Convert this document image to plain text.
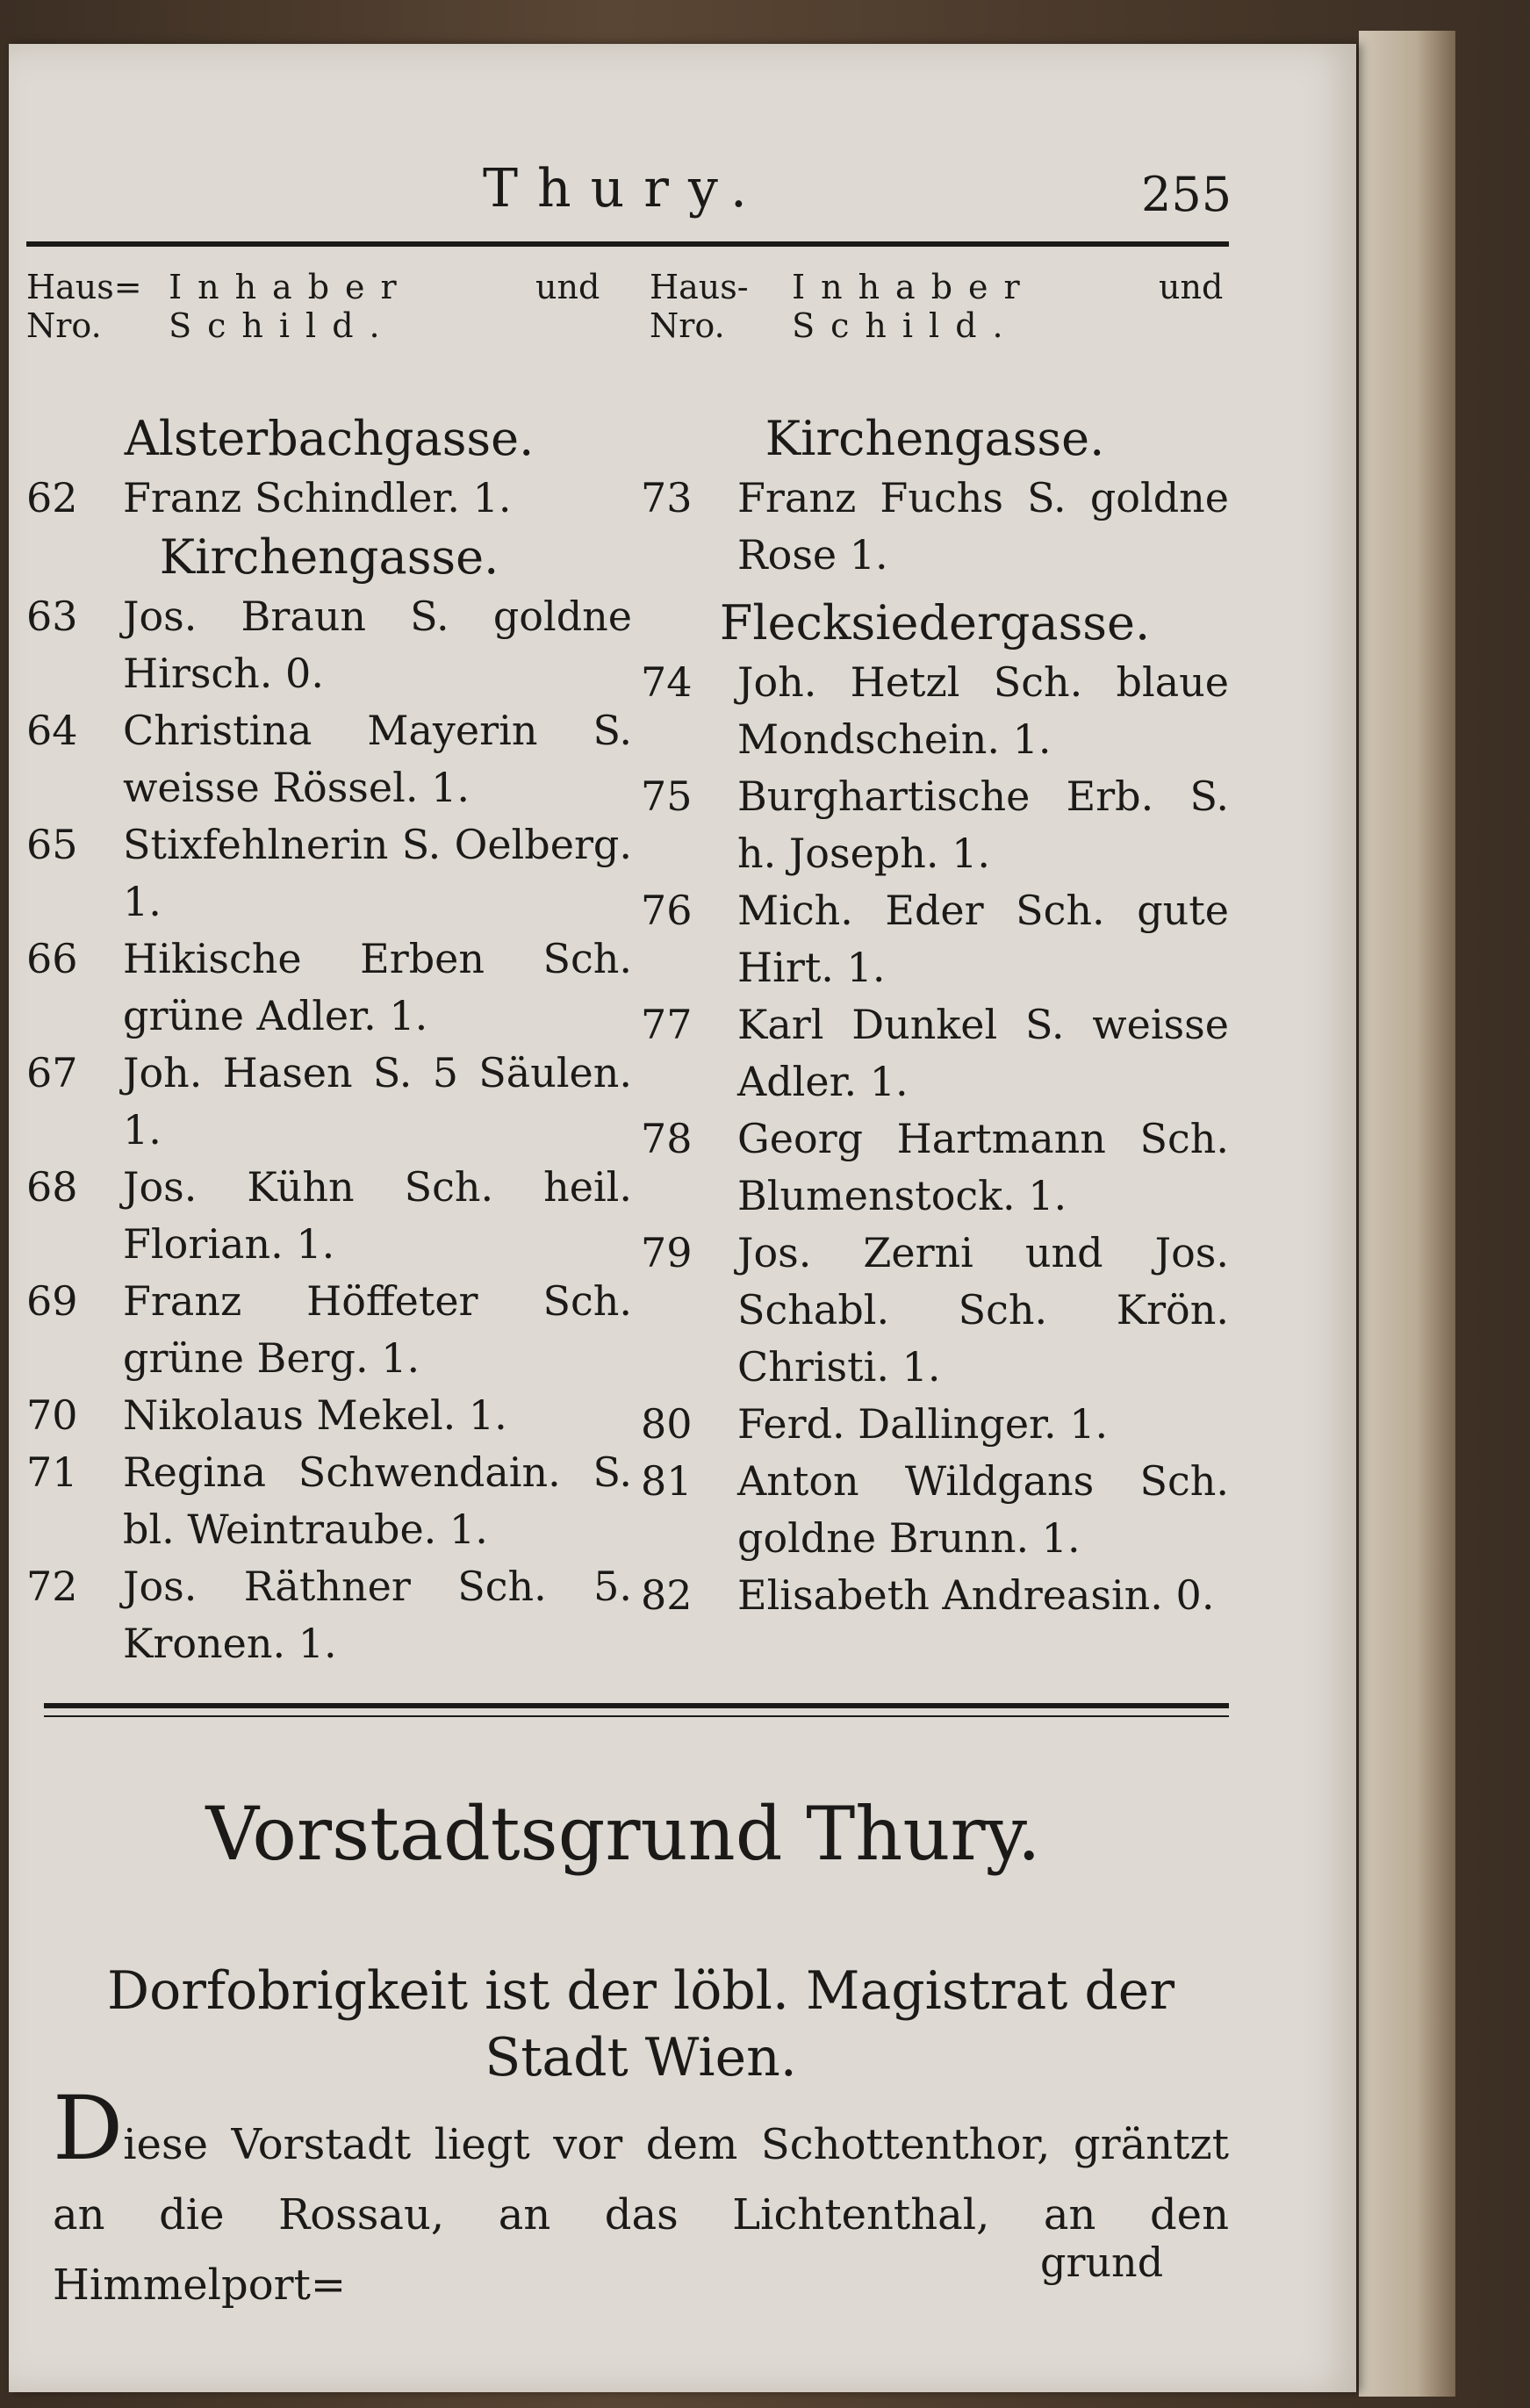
Thury.	255
Haus= Inhaber	und
Nro. Schild.
Haus- Inhaber	und
Nro. Schild.
Alsterbachgasse.
62	Franz Schindler. 1.
Kirchengasse.
63	Jos. Braun S. goldne Hirsch. 0.
64	Christina Mayerin S. weisse Rössel. 1.
65	Stixfehlnerin S. Oelberg. 1.
66	Hikische Erben Sch. grüne Adler. 1.
67	Joh. Hasen S. 5 Säulen. 1.
68	Jos. Kühn Sch. heil. Florian. 1.
69	Franz Höffeter Sch. grüne Berg. 1.
70	Nikolaus Mekel. 1.
71	Regina Schwendain. S. bl. Weintraube. 1.
72	Jos. Räthner Sch. 5. Kronen. 1.
Kirchengasse.
73	Franz Fuchs S. goldne Rose 1.
Flecksiedergasse.
74	Joh. Hetzl Sch. blaue Mondschein. 1.
75	Burghartische Erb. S. h. Joseph. 1.
76	Mich. Eder Sch. gute Hirt. 1.
77	Karl Dunkel S. weisse Adler. 1.
78	Georg Hartmann Sch. Blumenstock. 1.
79	Jos. Zerni und Jos. Schabl. Sch. Krön. Christi. 1.
80	Ferd. Dallinger. 1.
81	Anton Wildgans Sch. goldne Brunn. 1.
82	Elisabeth Andreasin. 0.
Vorstadtsgrund Thury.
Dorfobrigkeit ist der löbl. Magistrat der Stadt Wien.
Diese Vorstadt liegt vor dem Schottenthor, gräntzt an die Rossau, an das Lichtenthal, an den Himmelport=	grund
